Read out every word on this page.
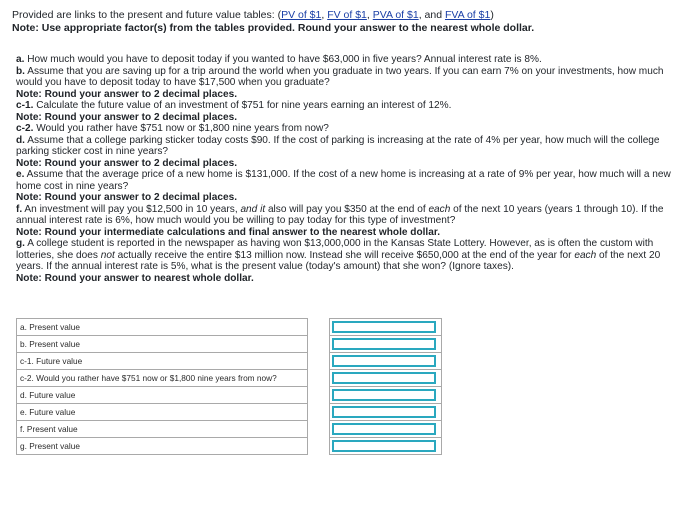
Provided are links to the present and future value tables: (PV of $1, FV of $1, PVA of $1, and FVA of $1)
Note: Use appropriate factor(s) from the tables provided. Round your answer to the nearest whole dollar.

a. How much would you have to deposit today if you wanted to have $63,000 in five years? Annual interest rate is 8%.

b. Assume that you are saving up for a trip around the world when you graduate in two years. If you can earn 7% on your investments, how much would you have to deposit today to have $17,500 when you graduate?

Note: Round your answer to 2 decimal places.

c-1. Calculate the future value of an investment of $751 for nine years earning an interest of 12%.

Note: Round your answer to 2 decimal places.

c-2. Would you rather have $751 now or $1,800 nine years from now?

d. Assume that a college parking sticker today costs $90. If the cost of parking is increasing at the rate of 4% per year, how much will the college parking sticker cost in nine years?

Note: Round your answer to 2 decimal places.

e. Assume that the average price of a new home is $131,000. If the cost of a new home is increasing at a rate of 9% per year, how much will a new home cost in nine years?

Note: Round your answer to 2 decimal places.

f. An investment will pay you $12,500 in 10 years, and it also will pay you $350 at the end of each of the next 10 years (years 1 through 10). If the annual interest rate is 6%, how much would you be willing to pay today for this type of investment?

Note: Round your intermediate calculations and final answer to the nearest whole dollar.

g. A college student is reported in the newspaper as having won $13,000,000 in the Kansas State Lottery. However, as is often the custom with lotteries, she does not actually receive the entire $13 million now. Instead she will receive $650,000 at the end of the year for each of the next 20 years. If the annual interest rate is 5%, what is the present value (today's amount) that she won? (Ignore taxes).

Note: Round your answer to nearest whole dollar.

a. Present value		

b. Present value		

c-1. Future value		

c-2. Would you rather have $751 now or $1,800 nine years from now?		

d. Future value		

e. Future value		

f. Present value		

g. Present value		
